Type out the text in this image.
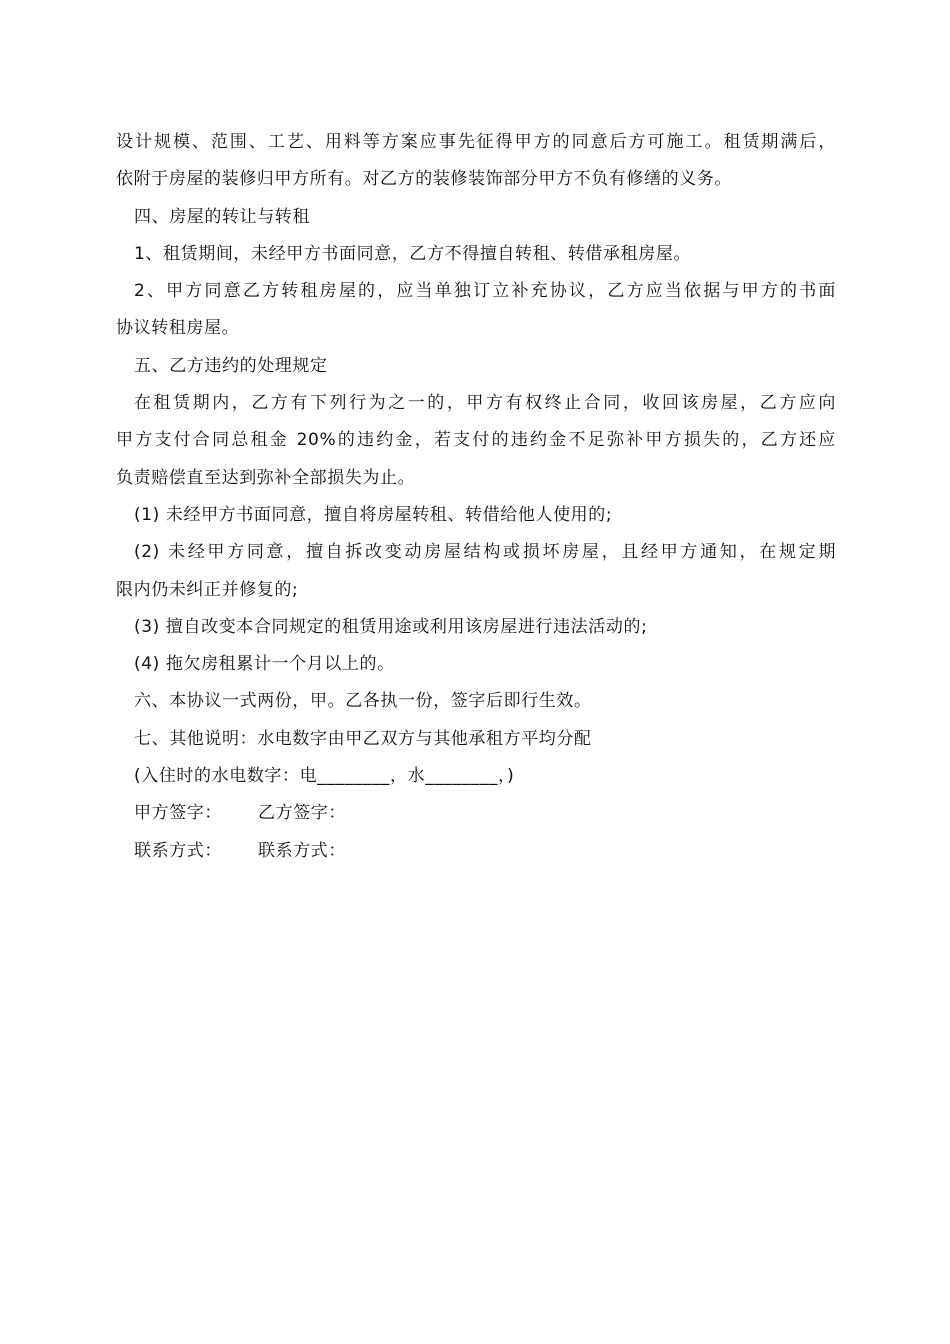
设计规模、范围、工艺、用料等方案应事先征得甲方的同意后方可施工。租赁期满后，
依附于房屋的装修归甲方所有。对乙方的装修装饰部分甲方不负有修缮的义务。
四、房屋的转让与转租
1、租赁期间，未经甲方书面同意，乙方不得擅自转租、转借承租房屋。
2、甲方同意乙方转租房屋的，应当单独订立补充协议，乙方应当依据与甲方的书面
协议转租房屋。
五、乙方违约的处理规定
在租赁期内，乙方有下列行为之一的，甲方有权终止合同，收回该房屋，乙方应向
甲方支付合同总租金 20%的违约金，若支付的违约金不足弥补甲方损失的，乙方还应
负责赔偿直至达到弥补全部损失为止。
(1) 未经甲方书面同意，擅自将房屋转租、转借给他人使用的;
(2) 未经甲方同意，擅自拆改变动房屋结构或损坏房屋，且经甲方通知，在规定期
限内仍未纠正并修复的;
(3) 擅自改变本合同规定的租赁用途或利用该房屋进行违法活动的;
(4) 拖欠房租累计一个月以上的。
六、本协议一式两份，甲。乙各执一份，签字后即行生效。
七、其他说明：水电数字由甲乙双方与其他承租方平均分配
(入住时的水电数字：电________，水________，)
甲方签字： 乙方签字：
联系方式： 联系方式：
